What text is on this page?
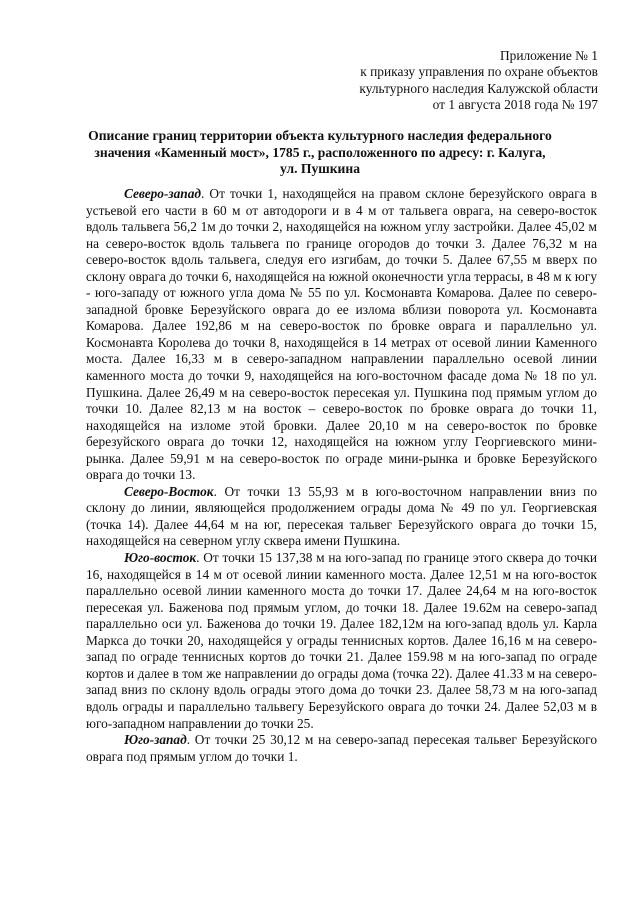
Приложение № 1
к приказу управления по охране объектов
культурного наследия Калужской области
от 1 августа 2018 года № 197
Описание границ территории объекта культурного наследия федерального
значения «Каменный мост», 1785 г., расположенного по адресу: г. Калуга,
ул. Пушкина

Северо-запад. От точки 1, находящейся на правом склоне березуйского оврага в устьевой его части в 60 м от автодороги и в 4 м от тальвега оврага, на северо-восток вдоль тальвега 56,2 1м до точки 2, находящейся на южном углу застройки. Далее 45,02 м на северо-восток вдоль тальвега по границе огородов до точки 3. Далее 76,32 м на северо-восток вдоль тальвега, следуя его изгибам, до точки 5. Далее 67,55 м вверх по склону оврага до точки 6, находящейся на южной оконечности угла террасы, в 48 м к югу - юго-западу от южного угла дома № 55 по ул. Космонавта Комарова. Далее по северо-западной бровке Березуйского оврага до ее излома вблизи поворота ул. Космонавта Комарова. Далее 192,86 м на северо-восток по бровке оврага и параллельно ул. Космонавта Королева до точки 8, находящейся в 14 метрах от осевой линии Каменного моста. Далее 16,33 м в северо-западном направлении параллельно осевой линии каменного моста до точки 9, находящейся на юго-восточном фасаде дома № 18 по ул. Пушкина. Далее 26,49 м на северо-восток пересекая ул. Пушкина под прямым углом до точки 10. Далее 82,13 м на восток – северо-восток по бровке оврага до точки 11, находящейся на изломе этой бровки. Далее 20,10 м на северо-восток по бровке березуйского оврага до точки 12, находящейся на южном углу Георгиевского мини-рынка. Далее 59,91 м на северо-восток по ограде мини-рынка и бровке Березуйского оврага до точки 13.

Северо-Восток. От точки 13 55,93 м в юго-восточном направлении вниз по склону до линии, являющейся продолжением ограды дома № 49 по ул. Георгиевская (точка 14). Далее 44,64 м на юг, пересекая тальвег Березуйского оврага до точки 15, находящейся на северном углу сквера имени Пушкина.

Юго-восток. От точки 15 137,38 м на юго-запад по границе этого сквера до точки 16, находящейся в 14 м от осевой линии каменного моста. Далее 12,51 м на юго-восток параллельно осевой линии каменного моста до точки 17. Далее 24,64 м на юго-восток пересекая ул. Баженова под прямым углом, до точки 18. Далее 19.62м на северо-запад параллельно оси ул. Баженова до точки 19. Далее 182,12м на юго-запад вдоль ул. Карла Маркса до точки 20, находящейся у ограды теннисных кортов. Далее 16,16 м на северо-запад по ограде теннисных кортов до точки 21. Далее 159.98 м на юго-запад по ограде кортов и далее в том же направлении до ограды дома (точка 22). Далее 41.33 м на северо-запад вниз по склону вдоль ограды этого дома до точки 23. Далее 58,73 м на юго-запад вдоль ограды и параллельно тальвегу Березуйского оврага до точки 24. Далее 52,03 м в юго-западном направлении до точки 25.

Юго-запад. От точки 25 30,12 м на северо-запад пересекая тальвег Березуйского оврага под прямым углом до точки 1.
